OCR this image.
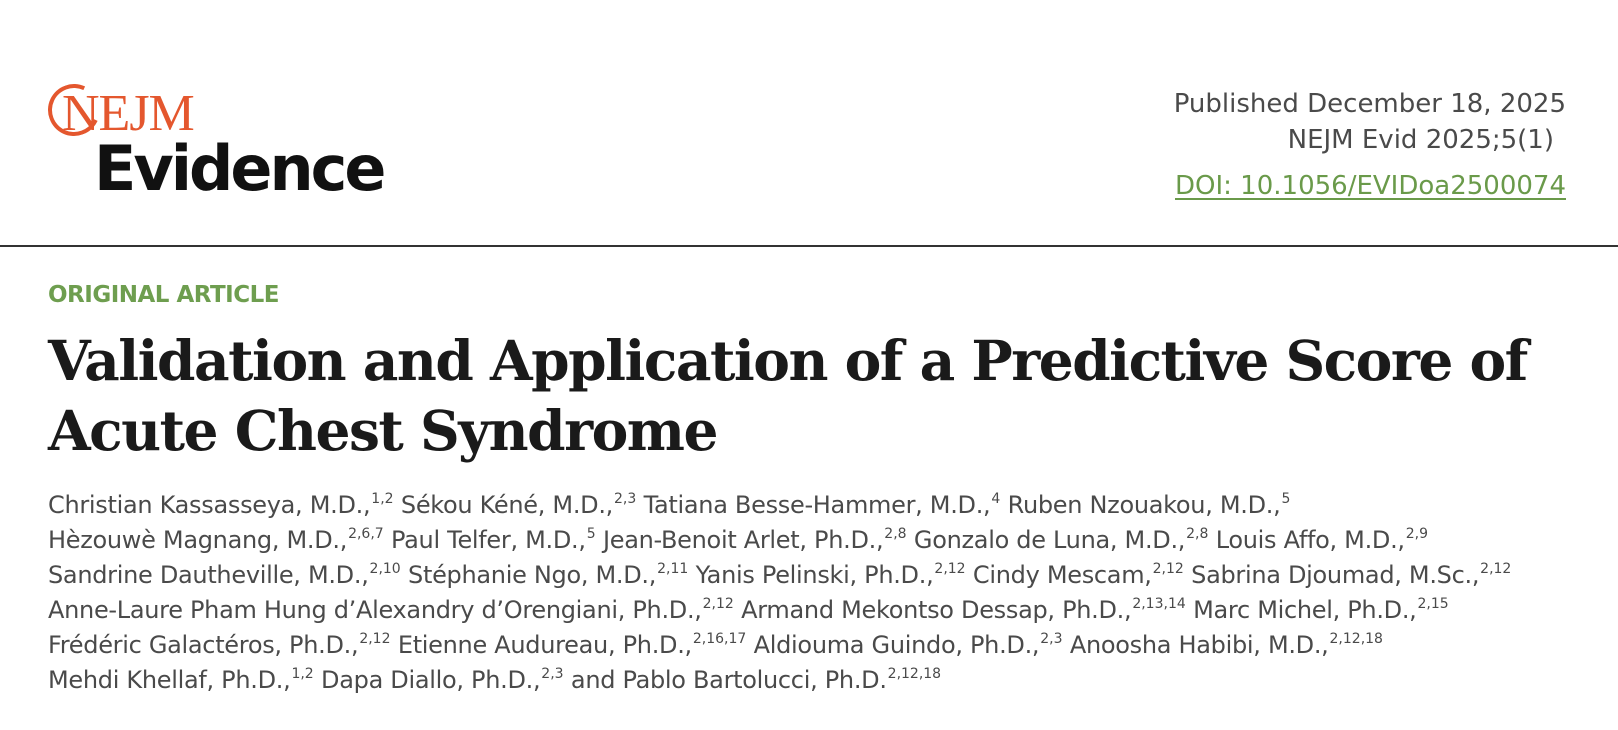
NEJM
Evidence
Published December 18, 2025
NEJM Evid 2025;5(1)
DOI: 10.1056/EVIDoa2500074
ORIGINAL ARTICLE
Validation and Application of a Predictive Score of
Acute Chest Syndrome
Christian Kassasseya, M.D.,$^{1,2}$ Sékou Kéné, M.D.,$^{2,3}$ Tatiana Besse-Hammer, M.D.,$^4$ Ruben Nzouakou, M.D.,$^5$
Hèzouwè Magnang, M.D.,$^{2,6,7}$ Paul Telfer, M.D.,$^5$ Jean-Benoit Arlet, Ph.D.,$^{2,8}$ Gonzalo de Luna, M.D.,$^{2,8}$ Louis Affo, M.D.,$^{2,9}$
Sandrine Dautheville, M.D.,$^{2,10}$ Stéphanie Ngo, M.D.,$^{2,11}$ Yanis Pelinski, Ph.D.,$^{2,12}$ Cindy Mescam,$^{2,12}$ Sabrina Djoumad, M.Sc.,$^{2,12}$
Anne-Laure Pham Hung d’Alexandry d’Orengiani, Ph.D.,$^{2,12}$ Armand Mekontso Dessap, Ph.D.,$^{2,13,14}$ Marc Michel, Ph.D.,$^{2,15}$
Frédéric Galactéros, Ph.D.,$^{2,12}$ Etienne Audureau, Ph.D.,$^{2,16,17}$ Aldiouma Guindo, Ph.D.,$^{2,3}$ Anoosha Habibi, M.D.,$^{2,12,18}$
Mehdi Khellaf, Ph.D.,$^{1,2}$ Dapa Diallo, Ph.D.,$^{2,3}$ and Pablo Bartolucci, Ph.D.$^{2,12,18}$
